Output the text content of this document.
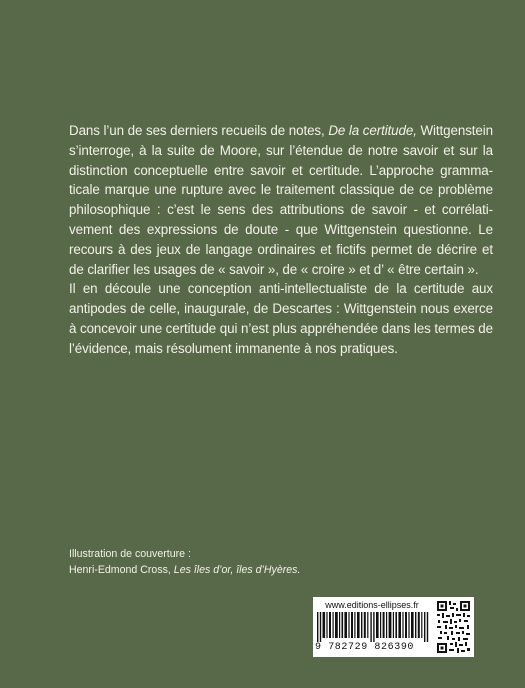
Dans l’un de ses derniers recueils de notes, De la certitude, Wittgenstein s’interroge, à la suite de Moore, sur l’étendue de notre savoir et sur la distinction conceptuelle entre savoir et certitude. L’approche gramma-ticale marque une rupture avec le traitement classique de ce problème philosophique : c’est le sens des attributions de savoir - et corrélati-vement des expressions de doute - que Wittgenstein questionne. Le recours à des jeux de langage ordinaires et fictifs permet de décrire et de clarifier les usages de « savoir », de « croire » et d’ « être certain ».

Il en découle une conception anti-intellectualiste de la certitude aux antipodes de celle, inaugurale, de Descartes : Wittgenstein nous exerce à concevoir une certitude qui n’est plus appréhendée dans les termes de l’évidence, mais résolument immanente à nos pratiques.

Illustration de couverture :
Henri-Edmond Cross, Les îles d’or, îles d’Hyères.
www.editions-ellipses.fr
9 782729 826390
